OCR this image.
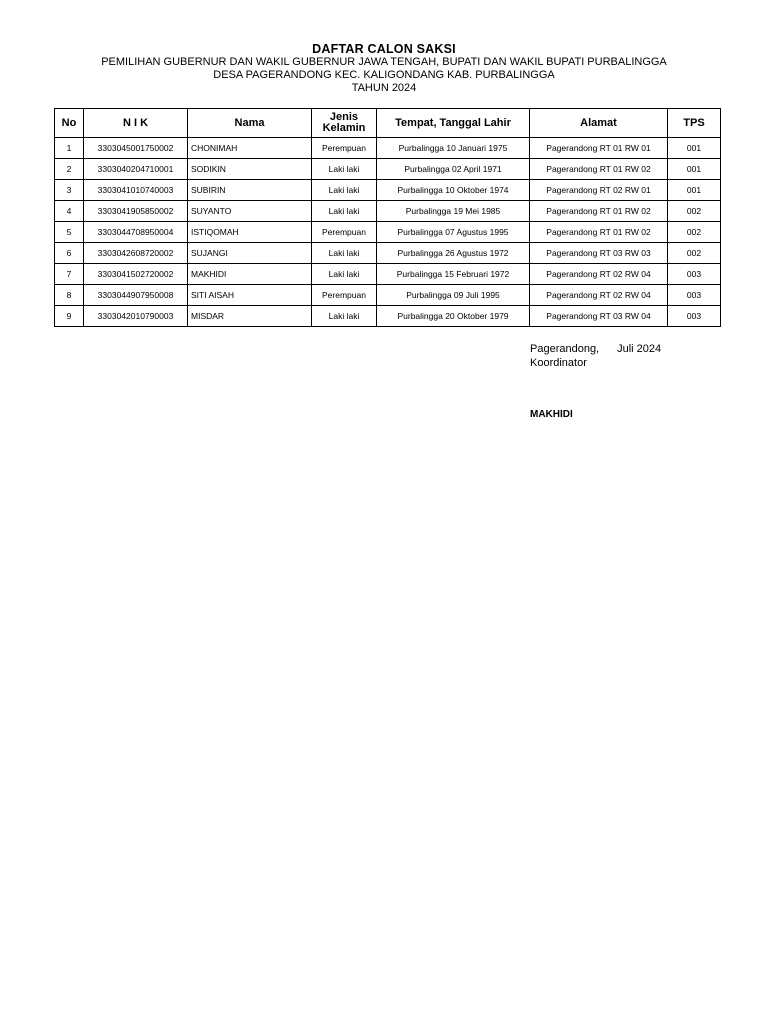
DAFTAR CALON SAKSI
PEMILIHAN GUBERNUR DAN WAKIL GUBERNUR JAWA TENGAH, BUPATI DAN WAKIL BUPATI PURBALINGGA
DESA PAGERANDONG KEC. KALIGONDANG KAB. PURBALINGGA
TAHUN 2024
No	N I K	Nama	Jenis Kelamin	Tempat, Tanggal Lahir	Alamat	TPS
1	3303045001750002	CHONIMAH	Perempuan	Purbalingga 10 Januari 1975	Pagerandong RT 01 RW 01	001
2	3303040204710001	SODIKIN	Laki laki	Purbalingga 02 April 1971	Pagerandong RT 01 RW 02	001
3	3303041010740003	SUBIRIN	Laki laki	Purbalingga 10 Oktober 1974	Pagerandong RT 02 RW 01	001
4	3303041905850002	SUYANTO	Laki laki	Purbalingga 19 Mei 1985	Pagerandong RT 01 RW 02	002
5	3303044708950004	ISTIQOMAH	Perempuan	Purbalingga 07 Agustus 1995	Pagerandong RT 01 RW 02	002
6	3303042608720002	SUJANGI	Laki laki	Purbalingga 26 Agustus 1972	Pagerandong RT 03 RW 03	002
7	3303041502720002	MAKHIDI	Laki laki	Purbalingga 15 Februari 1972	Pagerandong RT 02 RW 04	003
8	3303044907950008	SITI AISAH	Perempuan	Purbalingga 09 Juli 1995	Pagerandong RT 02 RW 04	003
9	3303042010790003	MISDAR	Laki laki	Purbalingga 20 Oktober 1979	Pagerandong RT 03 RW 04	003
Pagerandong, Juli 2024
Koordinator
MAKHIDI
